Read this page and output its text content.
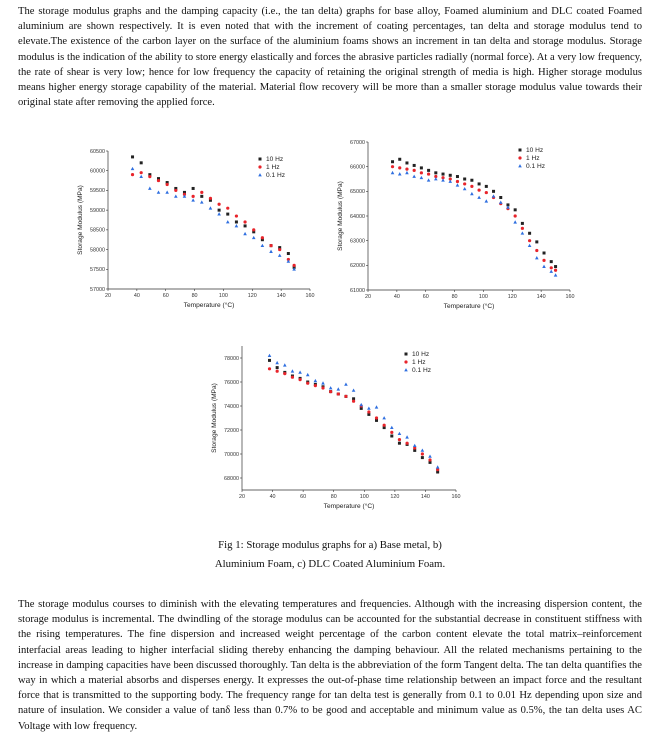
The storage modulus graphs and the damping capacity (i.e., the tan delta) graphs for base alloy, Foamed aluminium and DLC coated Foamed aluminium are shown respectively. It is even noted that with the increment of coating percentages, tan delta and storage modulus tend to elevate.The existence of the carbon layer on the surface of the aluminium foams shows an increment in tan delta and storage modulus. Storage modulus is the indication of the ability to store energy elastically and forces the abrasive particles radially (normal force). At a very low frequency, the rate of shear is very low; hence for low frequency the capacity of retaining the original strength of media is high. Higher storage modulus means higher energy storage capability of the material. Material flow recovery will be more than a smaller storage modulus value towards their original state after removing the applied force.

20	40	60	80	100	120	140	160
57000
57500
58000
58500
59000
59500
60000
60500
Temperature (°C)
Storage Modulus (MPa)
10 Hz
1 Hz
0.1 Hz
20	40	60	80	100	120	140	160
61000
62000
63000
64000
65000
66000
67000
Temperature (°C)
Storage Modulus (MPa)
10 Hz
1 Hz
0.1 Hz
20	40	60	80	100	120	140	160
68000
70000
72000
74000
76000
78000
Temperature (°C)
Storage Modulus (MPa)
10 Hz
1 Hz
0.1 Hz
Fig 1: Storage modulus graphs for a) Base metal, b)
Aluminium Foam, c) DLC Coated Aluminium Foam.

The storage modulus courses to diminish with the elevating temperatures and frequencies. Although with the increasing dispersion content, the storage modulus is incremental. The dwindling of the storage modulus can be accounted for the substantial decrease in constituent stiffness with the rising temperatures. The fine dispersion and increased weight percentage of the carbon content elevate the total matrix–reinforcement interfacial areas leading to higher interfacial sliding thereby enhancing the damping behaviour. All the related mechanisms pertaining to the increase in damping capacities have been discussed thoroughly. Tan delta is the abbreviation of the form Tangent delta. The tan delta quantifies the way in which a material absorbs and disperses energy. It expresses the out-of-phase time relationship between an impact force and the resultant force that is transmitted to the supporting body. The frequency range for tan delta test is generally from 0.1 to 0.01 Hz depending upon size and nature of insulation. We consider a value of tanδ less than 0.7% to be good and acceptable and minimum value as 0.5%, the tan delta uses AC Voltage with low frequency.
